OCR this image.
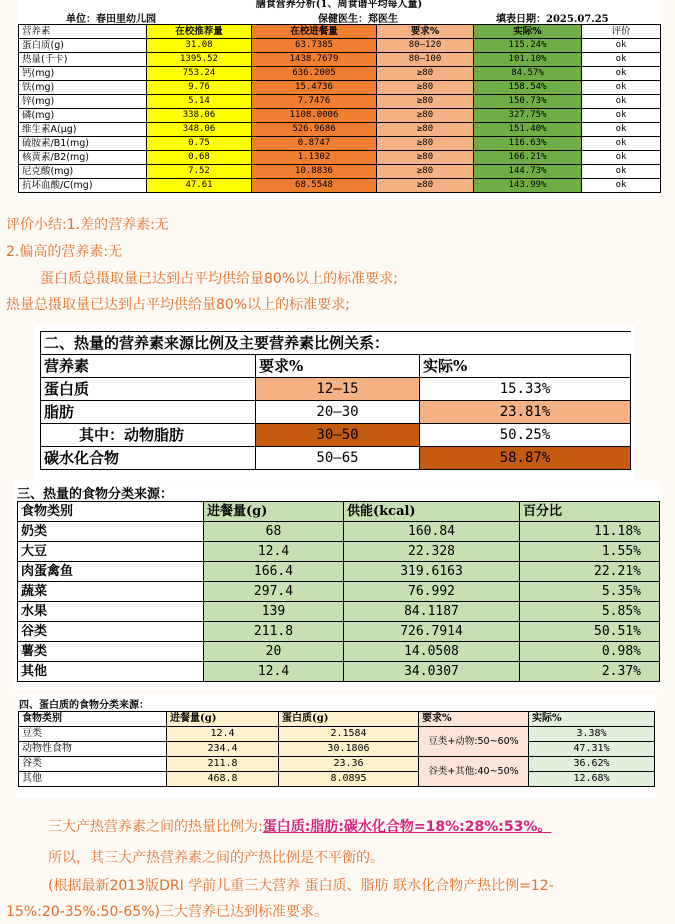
膳食营养分析(1、周食谱平均每人量)
单位：春田里幼儿园	保健医生：郑医生	填表日期：2025.07.25
营养素	在校推荐量	在校进餐量	要求%	实际%	评价
蛋白质(g)	31.08	63.7385	80—120	115.24%	ok
热量(千卡)	1395.52	1438.7679	80—100	101.10%	ok
钙(mg)	753.24	636.2005	≥80	84.57%	ok
铁(mg)	9.76	15.4736	≥80	158.54%	ok
锌(mg)	5.14	7.7476	≥80	150.73%	ok
磷(mg)	338.06	1108.0006	≥80	327.75%	ok
维生素A(μg)	348.06	526.9686	≥80	151.40%	ok
硫胺素/B1(mg)	0.75	0.8747	≥80	116.63%	ok
核黄素/B2(mg)	0.68	1.1302	≥80	166.21%	ok
尼克酸(mg)	7.52	10.8836	≥80	144.73%	ok
抗坏血酸/C(mg)	47.61	68.5548	≥80	143.99%	ok
评价小结:1.差的营养素:无
2.偏高的营养素:无
蛋白质总摄取量已达到占平均供给量80%以上的标准要求;
热量总摄取量已达到占平均供给量80%以上的标准要求;
二、热量的营养素来源比例及主要营养素比例关系：		
营养素	要求%	实际%
蛋白质	12—15	15.33%
脂肪	20—30	23.81%
其中：动物脂肪	30—50	50.25%
碳水化合物	50—65	58.87%
三、热量的食物分类来源：
食物类别	进餐量(g)	供能(kcal)	百分比
奶类	68	160.84	11.18%
大豆	12.4	22.328	1.55%
肉蛋禽鱼	166.4	319.6163	22.21%
蔬菜	297.4	76.992	5.35%
水果	139	84.1187	5.85%
谷类	211.8	726.7914	50.51%
薯类	20	14.0508	0.98%
其他	12.4	34.0307	2.37%
四、蛋白质的食物分类来源：
食物类别	进餐量(g)	蛋白质(g)	要求%	实际%
豆类	12.4	2.1584	豆类+动物:50~60%	3.38%
动物性食物	234.4	30.1806		47.31%
谷类	211.8	23.36	谷类+其他:40~50%	36.62%
其他	468.8	8.0895		12.68%
三大产热营养素之间的热量比例为:蛋白质:脂肪:碳水化合物=18%:28%:53%。
所以，其三大产热营养素之间的产热比例是不平衡的。
(根据最新2013版DRI 学前儿重三大营养 蛋白质、脂肪 联水化合物产热比例=12-
15%:20-35%:50-65%)三大营养已达到标准要求。
